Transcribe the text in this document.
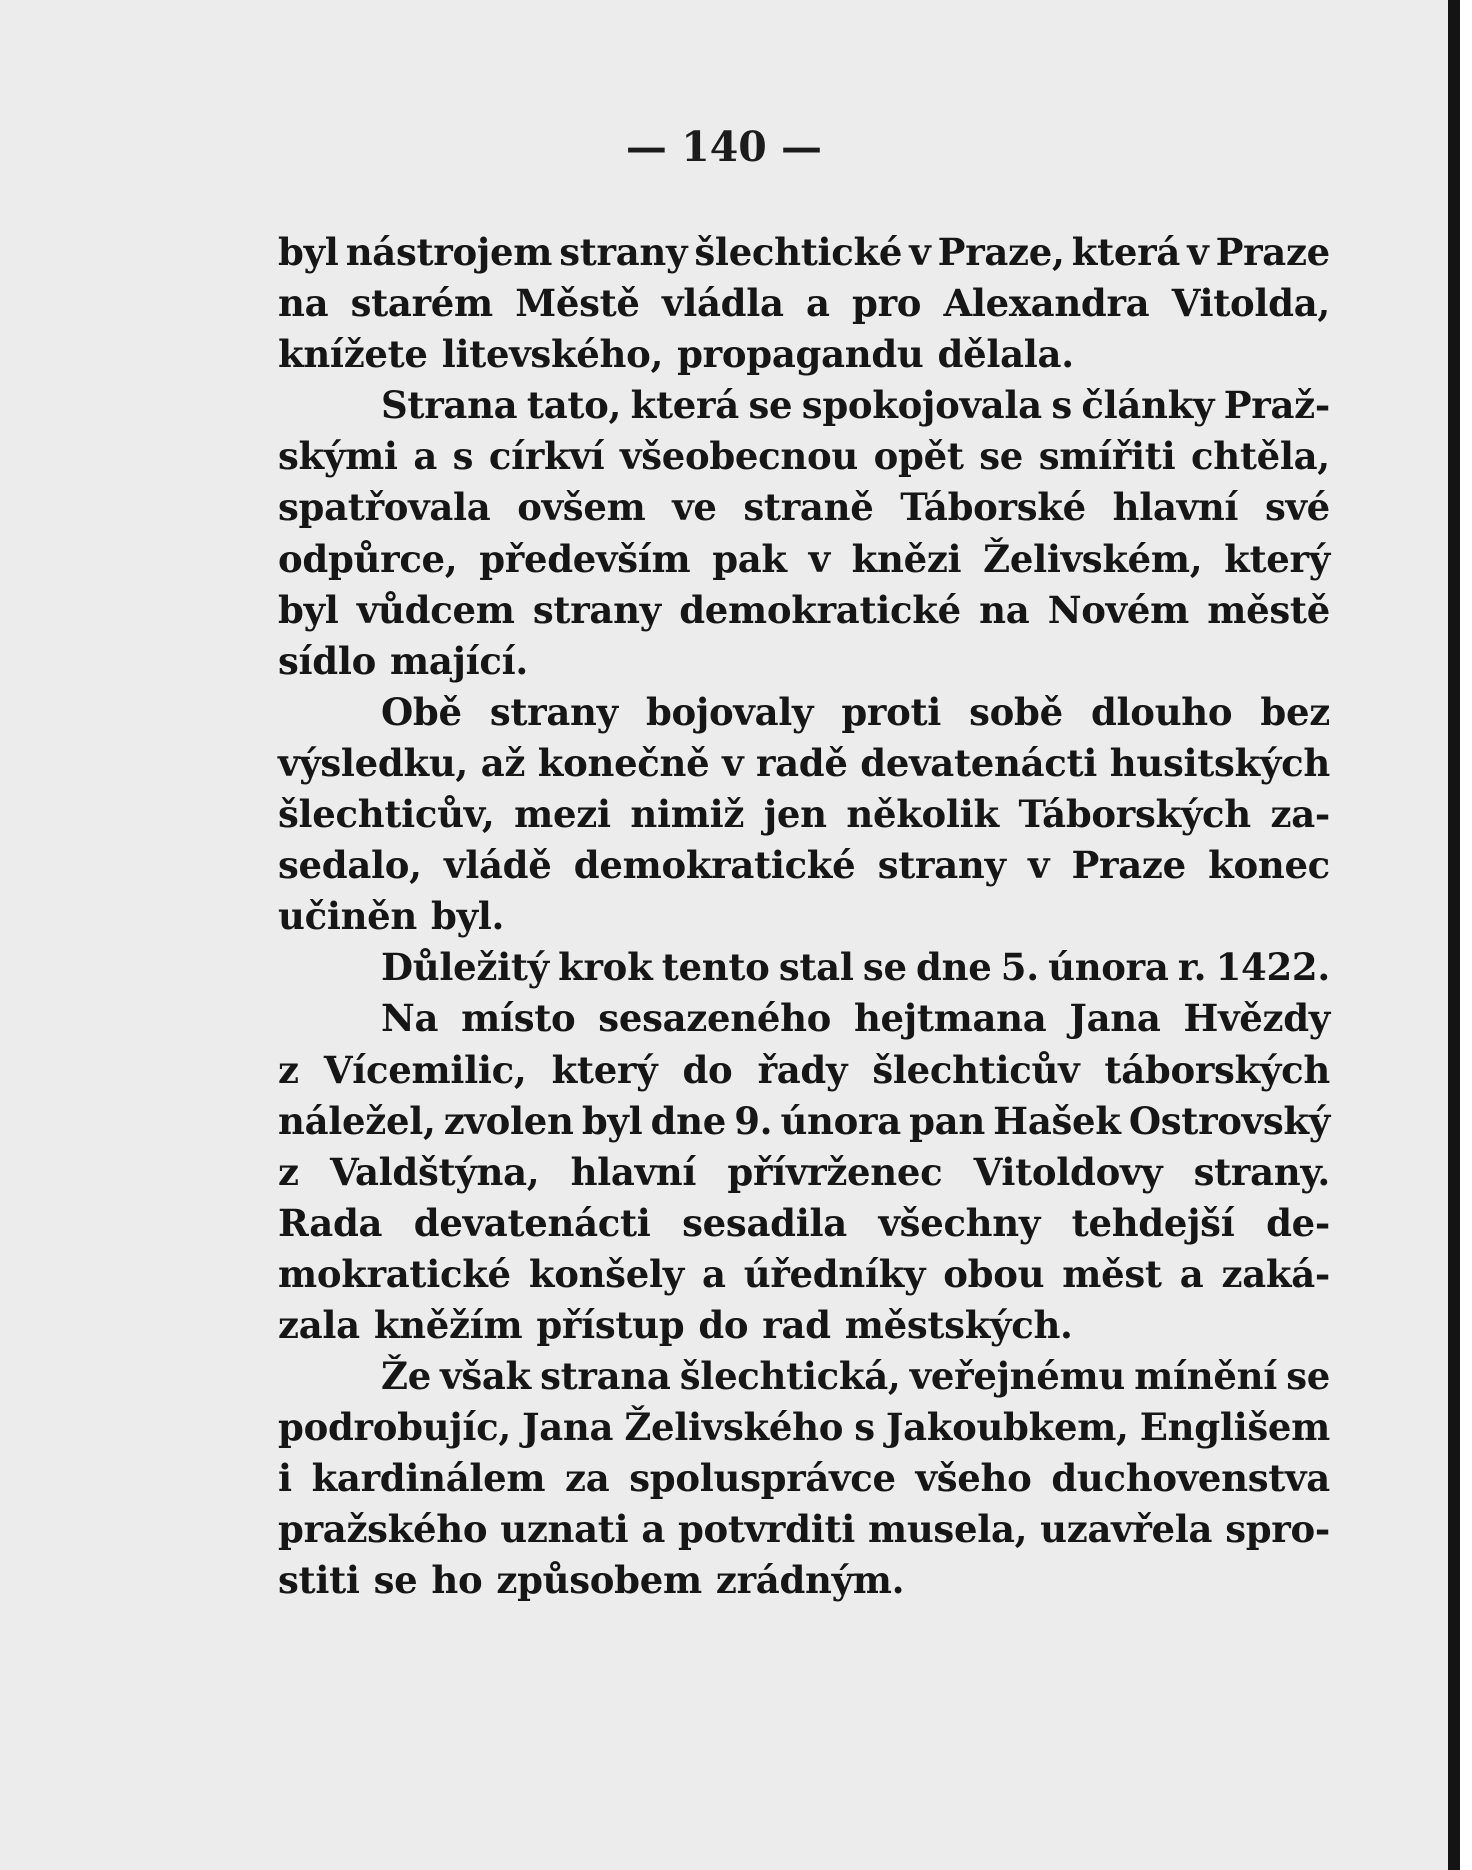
— 140 —
byl nástrojem strany šlechtické v Praze, která v Praze
na starém Městě vládla a pro Alexandra Vitolda,
knížete litevského, propagandu dělala.
Strana tato, která se spokojovala s články Praž-
skými a s církví všeobecnou opět se smířiti chtěla,
spatřovala ovšem ve straně Táborské hlavní své
odpůrce, především pak v knězi Želivském, který
byl vůdcem strany demokratické na Novém městě
sídlo mající.
Obě strany bojovaly proti sobě dlouho bez
výsledku, až konečně v radě devatenácti husitských
šlechticův, mezi nimiž jen několik Táborských za-
sedalo, vládě demokratické strany v Praze konec
učiněn byl.
Důležitý krok tento stal se dne 5. února r. 1422.
Na místo sesazeného hejtmana Jana Hvězdy
z Vícemilic, který do řady šlechticův táborských
náležel, zvolen byl dne 9. února pan Hašek Ostrovský
z Valdštýna, hlavní přívrženec Vitoldovy strany.
Rada devatenácti sesadila všechny tehdejší de-
mokratické konšely a úředníky obou měst a zaká-
zala kněžím přístup do rad městských.
Že však strana šlechtická, veřejnému mínění se
podrobujíc, Jana Želivského s Jakoubkem, Englišem
i kardinálem za spolusprávce všeho duchovenstva
pražského uznati a potvrditi musela, uzavřela spro-
stiti se ho způsobem zrádným.
